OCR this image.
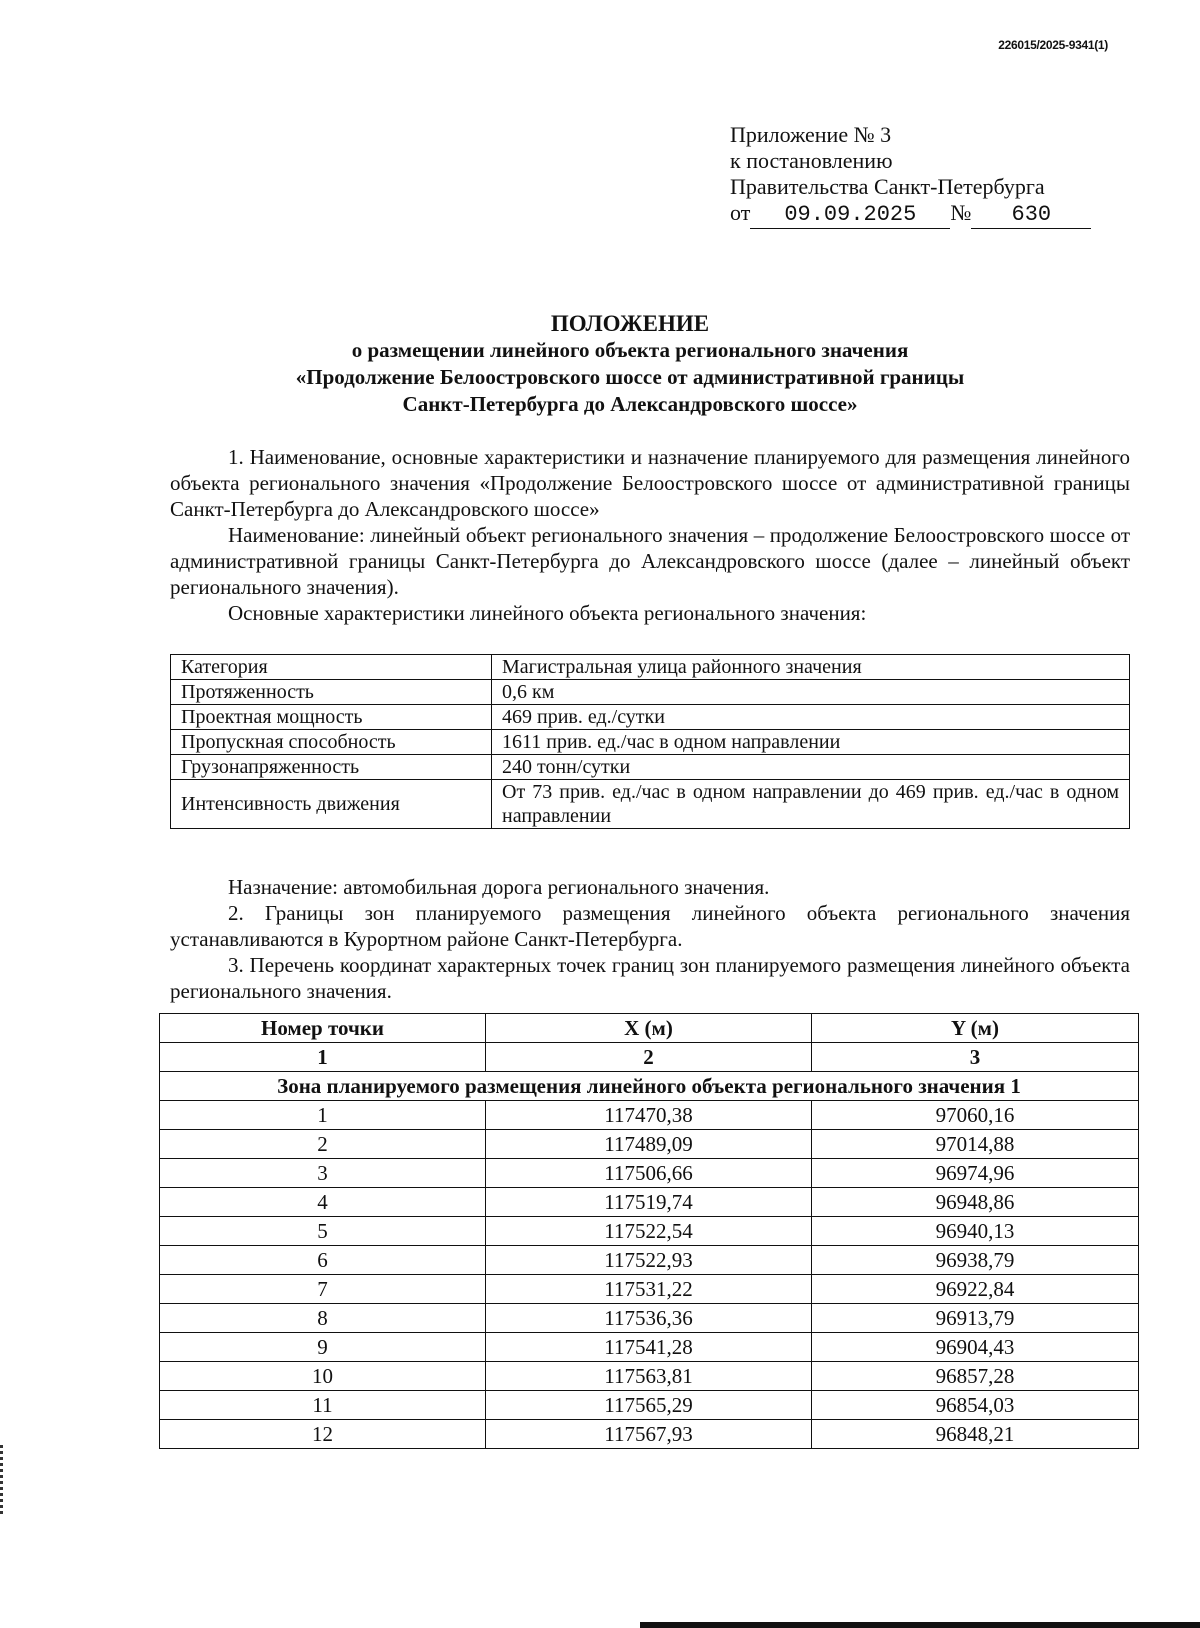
226015/2025-9341(1)
Приложение № 3
к постановлению
Правительства Санкт-Петербурга
от	09.09.2025	№	630
ПОЛОЖЕНИЕ
о размещении линейного объекта регионального значения
«Продолжение Белоостровского шоссе от административной границы
Санкт-Петербурга до Александровского шоссе»

1. Наименование, основные характеристики и назначение планируемого для размещения линейного объекта регионального значения «Продолжение Белоостровского шоссе от административной границы Санкт-Петербурга до Александровского шоссе»

Наименование: линейный объект регионального значения – продолжение Белоостровского шоссе от административной границы Санкт-Петербурга до Александровского шоссе (далее – линейный объект регионального значения).

Основные характеристики линейного объекта регионального значения:

Категория	Магистральная улица районного значения
Протяженность	0,6 км
Проектная мощность	469 прив. ед./сутки
Пропускная способность	1611 прив. ед./час в одном направлении
Грузонапряженность	240 тонн/сутки
Интенсивность движения	От 73 прив. ед./час в одном направлении до 469 прив. ед./час в одном направлении

Назначение: автомобильная дорога регионального значения.

2. Границы зон планируемого размещения линейного объекта регионального значения устанавливаются в Курортном районе Санкт-Петербурга.

3. Перечень координат характерных точек границ зон планируемого размещения линейного объекта регионального значения.

Номер точки	X (м)	Y (м)
1	2	3
Зона планируемого размещения линейного объекта регионального значения 1		
1	117470,38	97060,16
2	117489,09	97014,88
3	117506,66	96974,96
4	117519,74	96948,86
5	117522,54	96940,13
6	117522,93	96938,79
7	117531,22	96922,84
8	117536,36	96913,79
9	117541,28	96904,43
10	117563,81	96857,28
11	117565,29	96854,03
12	117567,93	96848,21
